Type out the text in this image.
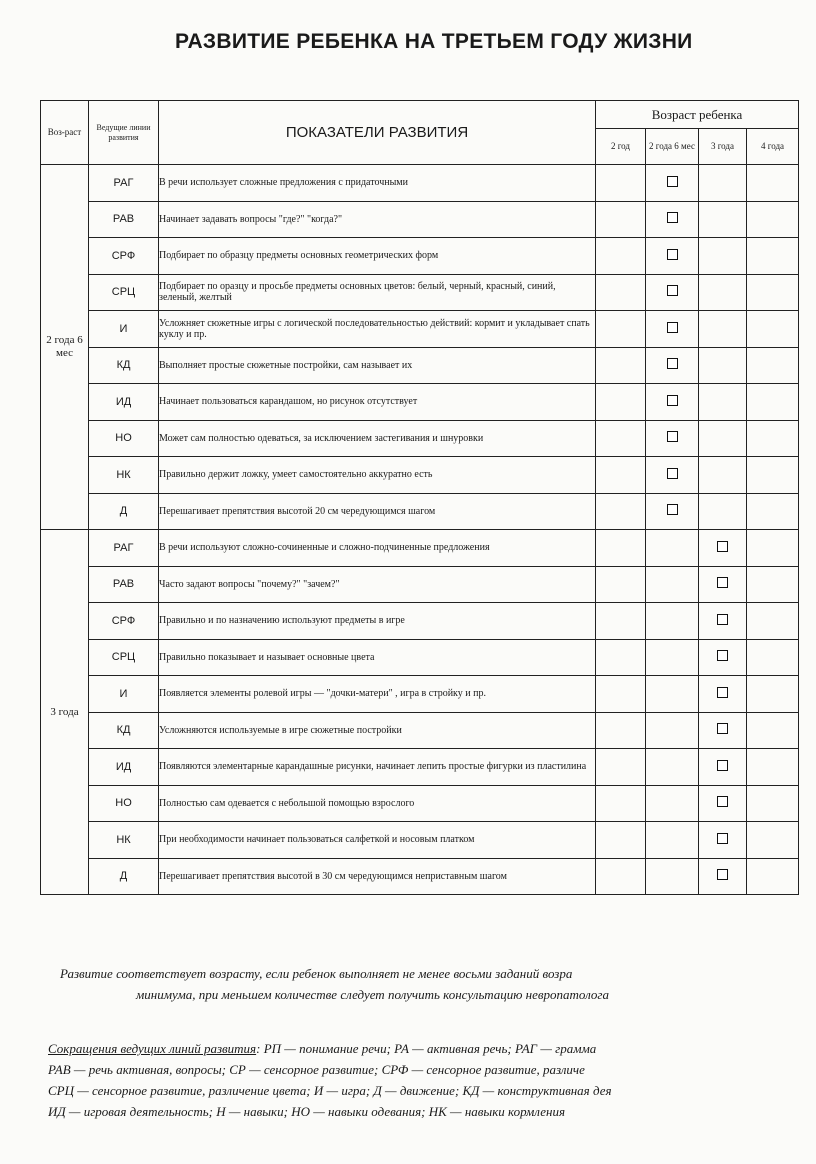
РАЗВИТИЕ РЕБЕНКА НА ТРЕТЬЕМ ГОДУ ЖИЗНИ
Воз-раст	Ведущие линии развития	ПОКАЗАТЕЛИ РАЗВИТИЯ	Возраст ребенка			
			2 год	2 года 6 мес	3 года	4 года
2 года 6 мес	РАГ	В речи использует сложные предложения с придаточными				
	РАВ	Начинает задавать вопросы "где?" "когда?"				
	СРФ	Подбирает по образцу предметы основных геометрических форм				
	СРЦ	Подбирает по оразцу и просьбе предметы основных цветов: белый, черный, красный, синий, зеленый, желтый				
	И	Усложняет сюжетные игры с логической последовательностью действий: кормит и укладывает спать куклу и пр.				
	КД	Выполняет простые сюжетные постройки, сам называет их				
	ИД	Начинает пользоваться карандашом, но рисунок отсутствует				
	НО	Может сам полностью одеваться, за исключением застегивания и шнуровки				
	НК	Правильно держит ложку, умеет самостоятельно аккуратно есть				
	Д	Перешагивает препятствия высотой 20 см чередующимся шагом				
3 года	РАГ	В речи используют сложно-сочиненные и сложно-подчиненные предложения				
	РАВ	Часто задают вопросы "почему?" "зачем?"				
	СРФ	Правильно и по назначению используют предметы в игре				
	СРЦ	Правильно показывает и называет основные цвета				
	И	Появляется элементы ролевой игры — "дочки-матери" , игра в стройку и пр.				
	КД	Усложняются используемые в игре сюжетные постройки				
	ИД	Появляются элементарные карандашные рисунки, начинает лепить простые фигурки из пластилина				
	НО	Полностью сам одевается с небольшой помощью взрослого				
	НК	При необходимости начинает пользоваться салфеткой и носовым платком				
	Д	Перешагивает препятствия высотой в 30 см чередующимся неприставным шагом				
Развитие соответствует возрасту, если ребенок выполняет не менее восьми заданий возра
минимума, при меньшем количестве следует получить консультацию невропатолога
Сокращения ведущих линий развития: РП — понимание речи; РА — активная речь; РАГ — грамма
РАВ — речь активная, вопросы; СР — сенсорное развитие; СРФ — сенсорное развитие, различе
СРЦ — сенсорное развитие, различение цвета; И — игра; Д — движение; КД — конструктивная дея
ИД — игровая деятельность; Н — навыки; НО — навыки одевания; НК — навыки кормления
